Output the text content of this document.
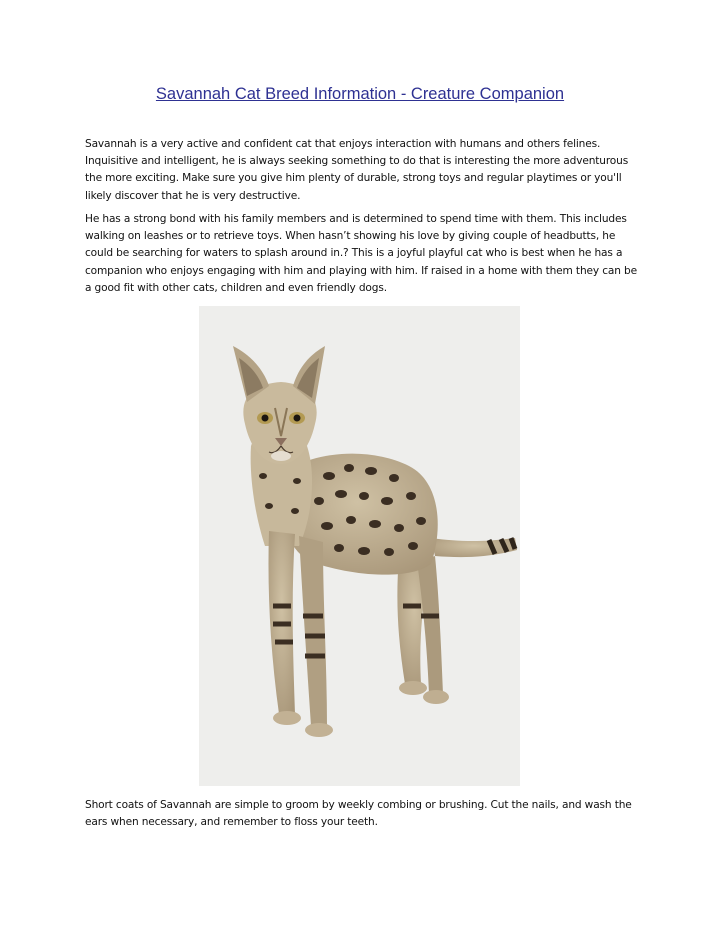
Savannah Cat Breed Information - Creature Companion

Savannah is a very active and confident cat that enjoys interaction with humans and others felines. Inquisitive and intelligent, he is always seeking something to do that is interesting the more adventurous the more exciting. Make sure you give him plenty of durable, strong toys and regular playtimes or you'll likely discover that he is very destructive.

He has a strong bond with his family members and is determined to spend time with them. This includes walking on leashes or to retrieve toys. When hasn’t showing his love by giving couple of headbutts, he could be searching for waters to splash around in.? This is a joyful playful cat who is best when he has a companion who enjoys engaging with him and playing with him. If raised in a home with them they can be a good fit with other cats, children and even friendly dogs.

Short coats of Savannah are simple to groom by weekly combing or brushing. Cut the nails, and wash the ears when necessary, and remember to floss your teeth.
